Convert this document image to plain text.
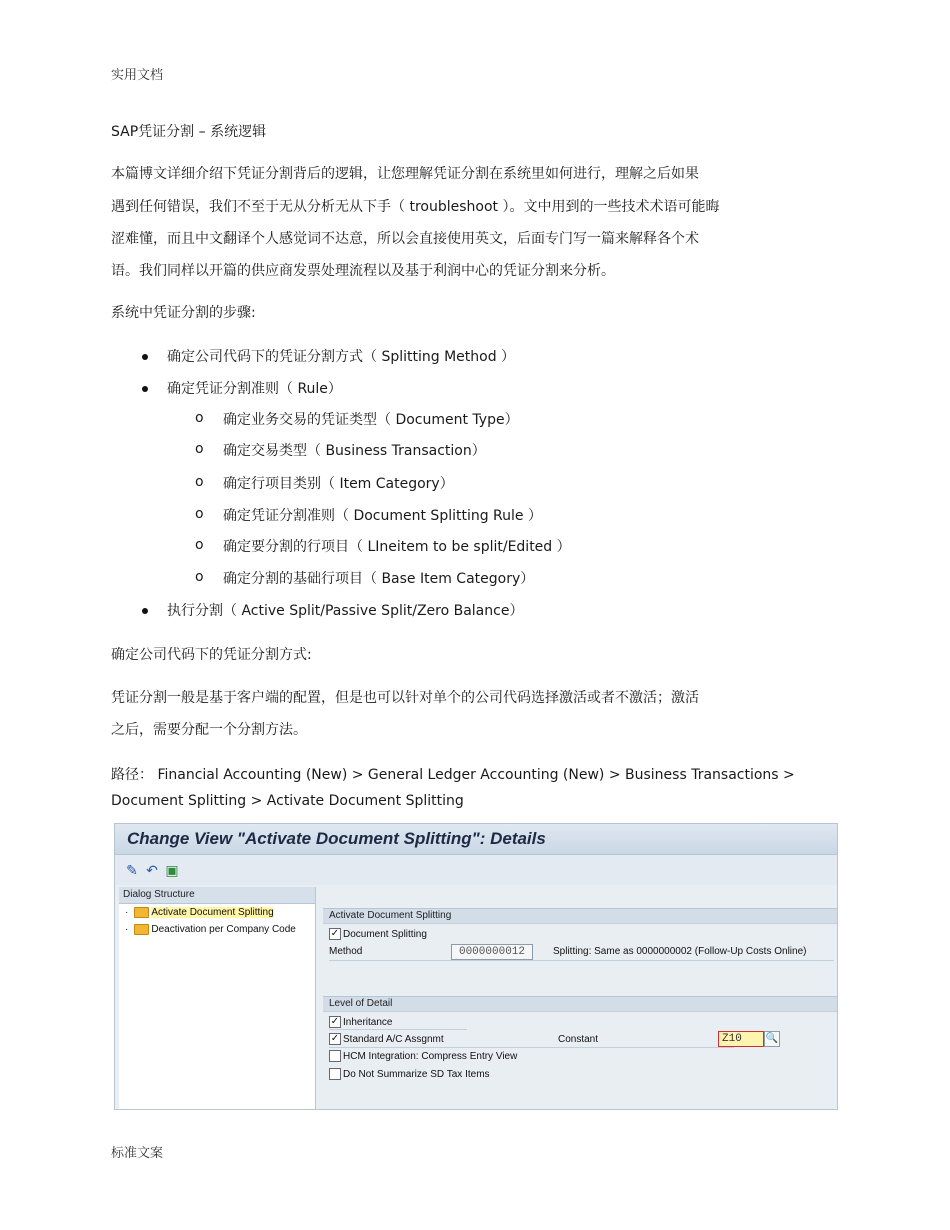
实用文档
SAP凭证分割 – 系统逻辑
本篇博文详细介绍下凭证分割背后的逻辑，让您理解凭证分割在系统里如何进行，理解之后如果
遇到任何错误，我们不至于无从分析无从下手（ troubleshoot ）。文中用到的一些技术术语可能晦
涩难懂，而且中文翻译个人感觉词不达意，所以会直接使用英文，后面专门写一篇来解释各个术
语。我们同样以开篇的供应商发票处理流程以及基于利润中心的凭证分割来分析。
系统中凭证分割的步骤:
确定公司代码下的凭证分割方式（ Splitting Method ）
确定凭证分割准则（ Rule）
o 确定业务交易的凭证类型（ Document Type）
o 确定交易类型（ Business Transaction）
o 确定行项目类别（ Item Category）
o 确定凭证分割准则（ Document Splitting Rule ）
o 确定要分割的行项目（ LIneitem to be split/Edited ）
o 确定分割的基础行项目（ Base Item Category）
执行分割（ Active Split/Passive Split/Zero Balance）
确定公司代码下的凭证分割方式:
凭证分割一般是基于客户端的配置，但是也可以针对单个的公司代码选择激活或者不激活；激活
之后，需要分配一个分割方法。
路径： Financial Accounting (New) > General Ledger Accounting (New) > Business Transactions >
Document Splitting > Activate Document Splitting
Change View "Activate Document Splitting": Details
✎ ↶ ▣
Dialog Structure
· Activate Document Splitting
· Deactivation per Company Code
Activate Document Splitting
✓ Document Splitting
Method	0000000012	Splitting: Same as 0000000002 (Follow-Up Costs Online)
Level of Detail
✓ Inheritance
✓ Standard A/C Assgnmt	Constant	Z10	🔍
HCM Integration: Compress Entry View
Do Not Summarize SD Tax Items
标准文案
